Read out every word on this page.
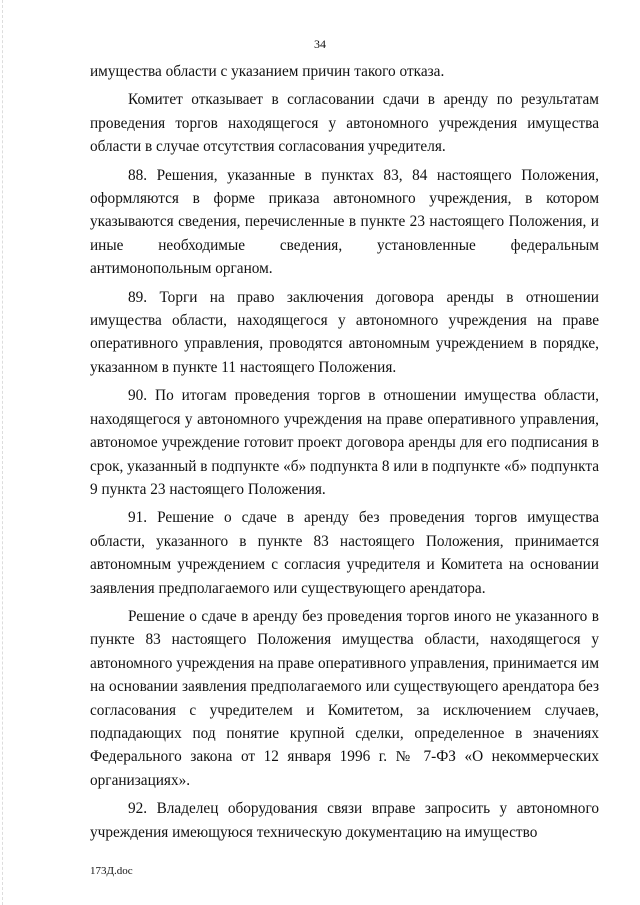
34

имущества области с указанием причин такого отказа.

Комитет отказывает в согласовании сдачи в аренду по результатам проведения торгов находящегося у автономного учреждения имущества области в случае отсутствия согласования учредителя.

88. Решения, указанные в пунктах 83, 84 настоящего Положения, оформляются в форме приказа автономного учреждения, в котором указываются сведения, перечисленные в пункте 23 настоящего Положения, и иные необходимые сведения, установленные федеральным антимонопольным органом.

89. Торги на право заключения договора аренды в отношении имущества области, находящегося у автономного учреждения на праве оперативного управления, проводятся автономным учреждением в порядке, указанном в пункте 11 настоящего Положения.

90. По итогам проведения торгов в отношении имущества области, находящегося у автономного учреждения на праве оперативного управления, автономое учреждение готовит проект договора аренды для его подписания в срок, указанный в подпункте «б» подпункта 8 или в подпункте «б» подпункта 9 пункта 23 настоящего Положения.

91. Решение о сдаче в аренду без проведения торгов имущества области, указанного в пункте 83 настоящего Положения, принимается автономным учреждением с согласия учредителя и Комитета на основании заявления предполагаемого или существующего арендатора.

Решение о сдаче в аренду без проведения торгов иного не указанного в пункте 83 настоящего Положения имущества области, находящегося у автономного учреждения на праве оперативного управления, принимается им на основании заявления предполагаемого или существующего арендатора без согласования с учредителем и Комитетом, за исключением случаев, подпадающих под понятие крупной сделки, определенное в значениях Федерального закона от 12 января 1996 г. № 7-ФЗ «О некоммерческих организациях».

92. Владелец оборудования связи вправе запросить у автономного учреждения имеющуюся техническую документацию на имущество

173Д.doc
